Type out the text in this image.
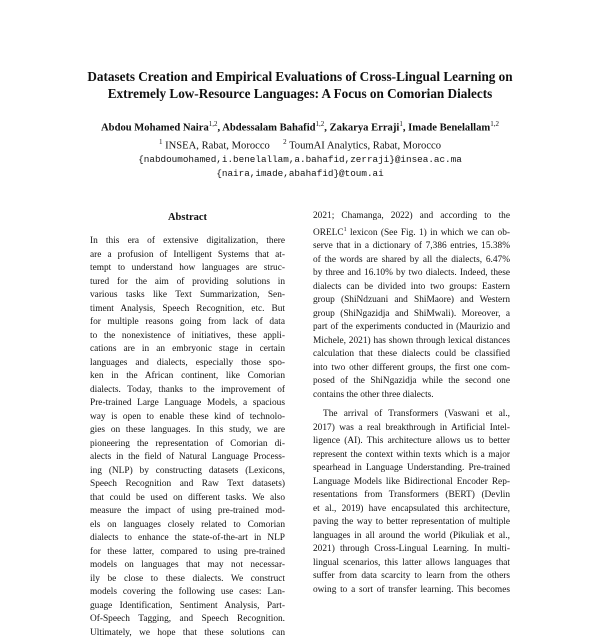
Datasets Creation and Empirical Evaluations of Cross-Lingual Learning on
Extremely Low-Resource Languages: A Focus on Comorian Dialects
Abdou Mohamed Naira$^{1,2}$, Abdessalam Bahafid$^{1,2}$, Zakarya Erraji$^1$, Imade Benelallam$^{1,2}$
$^1$ INSEA, Rabat, Morocco $^2$ ToumAI Analytics, Rabat, Morocco
{nabdoumohamed,i.benelallam,a.bahafid,zerraji}@insea.ac.ma
{naira,imade,abahafid}@toum.ai
Abstract
In this era of extensive digitalization, there
are a profusion of Intelligent Systems that at-
tempt to understand how languages are struc-
tured for the aim of providing solutions in
various tasks like Text Summarization, Sen-
timent Analysis, Speech Recognition, etc. But
for multiple reasons going from lack of data
to the nonexistence of initiatives, these appli-
cations are in an embryonic stage in certain
languages and dialects, especially those spo-
ken in the African continent, like Comorian
dialects. Today, thanks to the improvement of
Pre-trained Large Language Models, a spacious
way is open to enable these kind of technolo-
gies on these languages. In this study, we are
pioneering the representation of Comorian di-
alects in the field of Natural Language Process-
ing (NLP) by constructing datasets (Lexicons,
Speech Recognition and Raw Text datasets)
that could be used on different tasks. We also
measure the impact of using pre-trained mod-
els on languages closely related to Comorian
dialects to enhance the state-of-the-art in NLP
for these latter, compared to using pre-trained
models on languages that may not necessar-
ily be close to these dialects. We construct
models covering the following use cases: Lan-
guage Identification, Sentiment Analysis, Part-
Of-Speech Tagging, and Speech Recognition.
Ultimately, we hope that these solutions can
2021; Chamanga, 2022) and according to the
ORELC$^1$ lexicon (See Fig. 1) in which we can ob-
serve that in a dictionary of 7,386 entries, 15.38%
of the words are shared by all the dialects, 6.47%
by three and 16.10% by two dialects. Indeed, these
dialects can be divided into two groups: Eastern
group (ShiNdzuani and ShiMaore) and Western
group (ShiNgazidja and ShiMwali). Moreover, a
part of the experiments conducted in (Maurizio and
Michele, 2021) has shown through lexical distances
calculation that these dialects could be classified
into two other different groups, the first one com-
posed of the ShiNgazidja while the second one
contains the other three dialects.
The arrival of Transformers (Vaswani et al.,
2017) was a real breakthrough in Artificial Intel-
ligence (AI). This architecture allows us to better
represent the context within texts which is a major
spearhead in Language Understanding. Pre-trained
Language Models like Bidirectional Encoder Rep-
resentations from Transformers (BERT) (Devlin
et al., 2019) have encapsulated this architecture,
paving the way to better representation of multiple
languages in all around the world (Pikuliak et al.,
2021) through Cross-Lingual Learning. In multi-
lingual scenarios, this latter allows languages that
suffer from data scarcity to learn from the others
owing to a sort of transfer learning. This becomes
